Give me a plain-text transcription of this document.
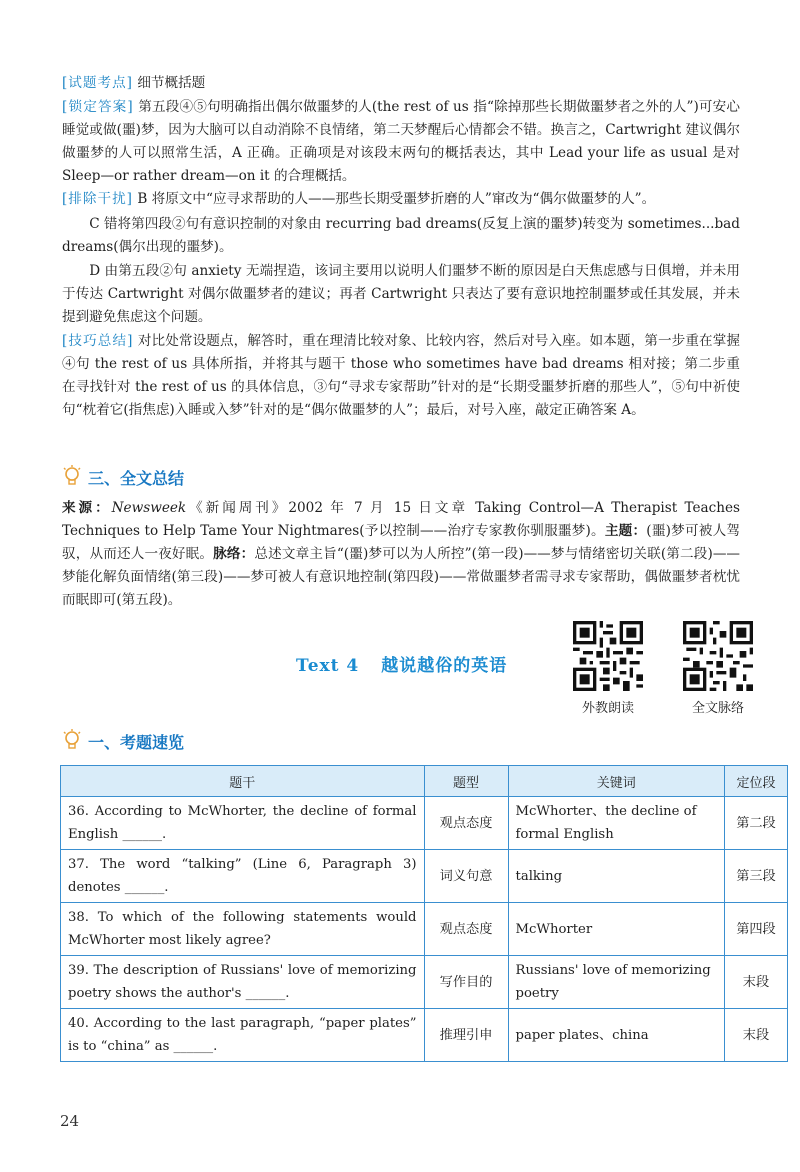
[试题考点] 细节概括题

[锁定答案] 第五段④⑤句明确指出偶尔做噩梦的人(the rest of us 指“除掉那些长期做噩梦者之外的人”)可安心睡觉或做(噩)梦，因为大脑可以自动消除不良情绪，第二天梦醒后心情都会不错。换言之，Cartwright 建议偶尔做噩梦的人可以照常生活，A 正确。正确项是对该段末两句的概括表达，其中 Lead your life as usual 是对 Sleep—or rather dream—on it 的合理概括。

[排除干扰] B 将原文中“应寻求帮助的人——那些长期受噩梦折磨的人”窜改为“偶尔做噩梦的人”。

C 错将第四段②句有意识控制的对象由 recurring bad dreams(反复上演的噩梦)转变为 sometimes...bad dreams(偶尔出现的噩梦)。

D 由第五段②句 anxiety 无端捏造，该词主要用以说明人们噩梦不断的原因是白天焦虑感与日俱增，并未用于传达 Cartwright 对偶尔做噩梦者的建议；再者 Cartwright 只表达了要有意识地控制噩梦或任其发展，并未提到避免焦虑这个问题。

[技巧总结] 对比处常设题点，解答时，重在理清比较对象、比较内容，然后对号入座。如本题，第一步重在掌握④句 the rest of us 具体所指，并将其与题干 those who sometimes have bad dreams 相对接；第二步重在寻找针对 the rest of us 的具体信息，③句“寻求专家帮助”针对的是“长期受噩梦折磨的那些人”，⑤句中祈使句“枕着它(指焦虑)入睡或入梦”针对的是“偶尔做噩梦的人”；最后，对号入座，敲定正确答案 A。

三、全文总结

来源：Newsweek《新闻周刊》2002 年 7 月 15 日文章 Taking Control—A Therapist Teaches Techniques to Help Tame Your Nightmares(予以控制——治疗专家教你驯服噩梦)。主题：(噩)梦可被人驾驭，从而还人一夜好眠。脉络：总述文章主旨“(噩)梦可以为人所控”(第一段)——梦与情绪密切关联(第二段)——梦能化解负面情绪(第三段)——梦可被人有意识地控制(第四段)——常做噩梦者需寻求专家帮助，偶做噩梦者枕忧而眠即可(第五段)。

Text 4 越说越俗的英语
外教朗读	全文脉络
一、考题速览
题干	题型	关键词	定位段
36. According to McWhorter, the decline of formal English ______.	观点态度	McWhorter、the decline of formal English	第二段
37. The word “talking” (Line 6, Paragraph 3) denotes ______.	词义句意	talking	第三段
38. To which of the following statements would McWhorter most likely agree?	观点态度	McWhorter	第四段
39. The description of Russians' love of memorizing poetry shows the author's ______.	写作目的	Russians' love of memorizing poetry	末段
40. According to the last paragraph, “paper plates” is to “china” as ______.	推理引申	paper plates、china	末段
24
